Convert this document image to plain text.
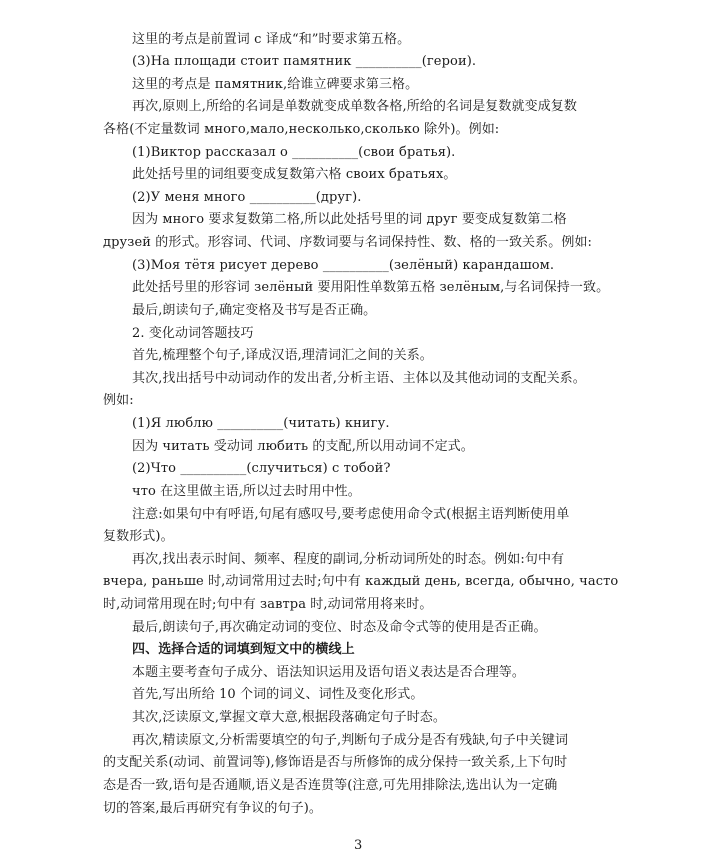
这里的考点是前置词 с 译成“和”时要求第五格。
(3)На площади стоит памятник __________(герои).
这里的考点是 памятник,给谁立碑要求第三格。
再次,原则上,所给的名词是单数就变成单数各格,所给的名词是复数就变成复数
各格(不定量数词 много,мало,несколько,сколько 除外)。例如:
(1)Виктор рассказал о __________(свои братья).
此处括号里的词组要变成复数第六格 своих братьях。
(2)У меня много __________(друг).
因为 много 要求复数第二格,所以此处括号里的词 друг 要变成复数第二格
друзей 的形式。形容词、代词、序数词要与名词保持性、数、格的一致关系。例如:
(3)Моя тётя рисует дерево __________(зелёный) карандашом.
此处括号里的形容词 зелёный 要用阳性单数第五格 зелёным,与名词保持一致。
最后,朗读句子,确定变格及书写是否正确。
2. 变化动词答题技巧
首先,梳理整个句子,译成汉语,理清词汇之间的关系。
其次,找出括号中动词动作的发出者,分析主语、主体以及其他动词的支配关系。
例如:
(1)Я люблю __________(читать) книгу.
因为 читать 受动词 любить 的支配,所以用动词不定式。
(2)Что __________(случиться) с тобой?
что 在这里做主语,所以过去时用中性。
注意:如果句中有呼语,句尾有感叹号,要考虑使用命令式(根据主语判断使用单
复数形式)。
再次,找出表示时间、频率、程度的副词,分析动词所处的时态。例如:句中有
вчера, раньше 时,动词常用过去时;句中有 каждый день, всегда, обычно, часто
时,动词常用现在时;句中有 завтра 时,动词常用将来时。
最后,朗读句子,再次确定动词的变位、时态及命令式等的使用是否正确。
四、选择合适的词填到短文中的横线上
本题主要考查句子成分、语法知识运用及语句语义表达是否合理等。
首先,写出所给 10 个词的词义、词性及变化形式。
其次,泛读原文,掌握文章大意,根据段落确定句子时态。
再次,精读原文,分析需要填空的句子,判断句子成分是否有残缺,句子中关键词
的支配关系(动词、前置词等),修饰语是否与所修饰的成分保持一致关系,上下句时
态是否一致,语句是否通顺,语义是否连贯等(注意,可先用排除法,选出认为一定确
切的答案,最后再研究有争议的句子)。
3
